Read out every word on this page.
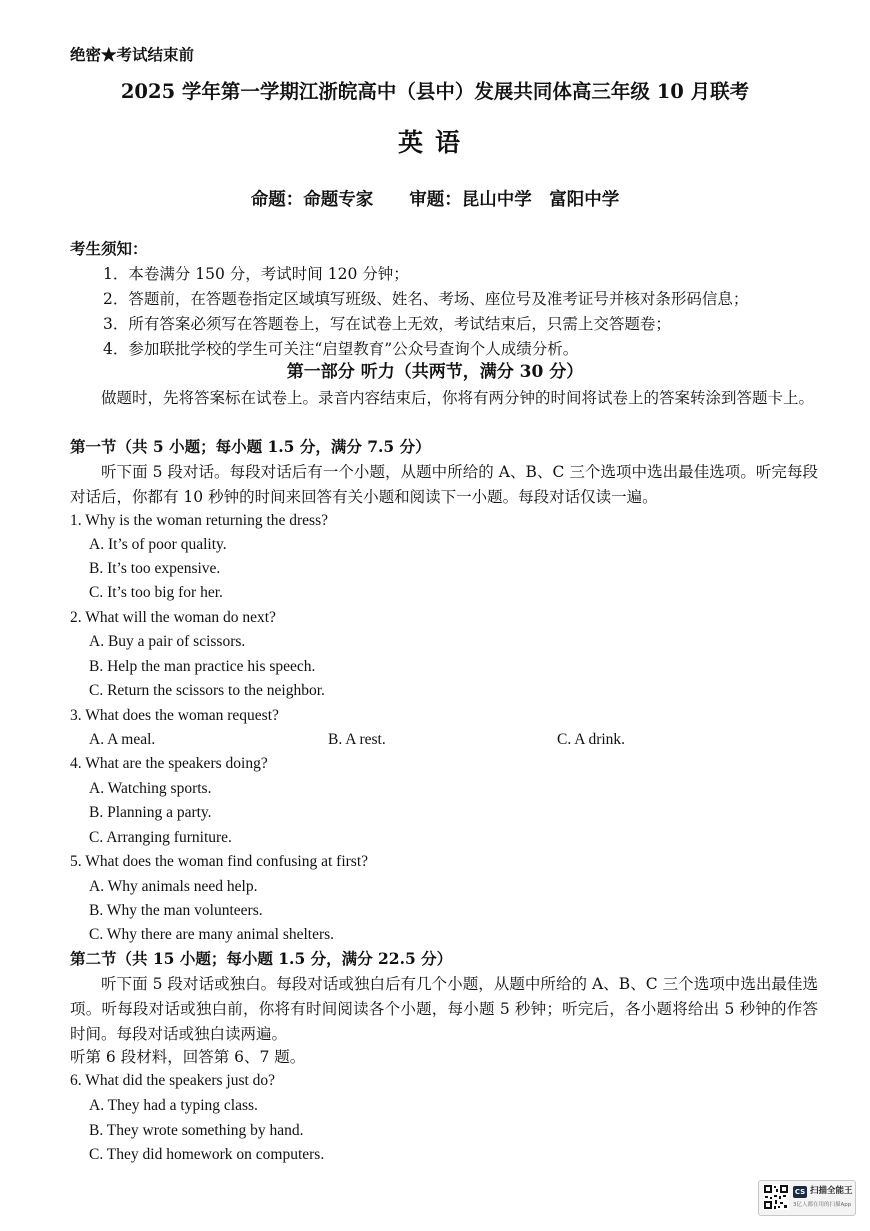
绝密★考试结束前
2025 学年第一学期江浙皖高中（县中）发展共同体高三年级 10 月联考
英语
命题：命题专家 审题：昆山中学　富阳中学
考生须知：
1．本卷满分 150 分，考试时间 120 分钟；
2．答题前，在答题卷指定区域填写班级、姓名、考场、座位号及准考证号并核对条形码信息；
3．所有答案必须写在答题卷上，写在试卷上无效，考试结束后，只需上交答题卷；
4．参加联批学校的学生可关注“启望教育”公众号查询个人成绩分析。
第一部分 听力（共两节，满分 30 分）
做题时，先将答案标在试卷上。录音内容结束后，你将有两分钟的时间将试卷上的答案转涂到答题卡上。
第一节（共 5 小题；每小题 1.5 分，满分 7.5 分）
听下面 5 段对话。每段对话后有一个小题，从题中所给的 A、B、C 三个选项中选出最佳选项。听完每段对话后，你都有 10 秒钟的时间来回答有关小题和阅读下一小题。每段对话仅读一遍。
1. Why is the woman returning the dress?
A. It’s of poor quality.
B. It’s too expensive.
C. It’s too big for her.
2. What will the woman do next?
A. Buy a pair of scissors.
B. Help the man practice his speech.
C. Return the scissors to the neighbor.
3. What does the woman request?
A. A meal.	B. A rest.	C. A drink.
4. What are the speakers doing?
A. Watching sports.
B. Planning a party.
C. Arranging furniture.
5. What does the woman find confusing at first?
A. Why animals need help.
B. Why the man volunteers.
C. Why there are many animal shelters.
第二节（共 15 小题；每小题 1.5 分，满分 22.5 分）
听下面 5 段对话或独白。每段对话或独白后有几个小题，从题中所给的 A、B、C 三个选项中选出最佳选项。听每段对话或独白前，你将有时间阅读各个小题，每小题 5 秒钟；听完后，各小题将给出 5 秒钟的作答时间。每段对话或独白读两遍。
听第 6 段材料，回答第 6、7 题。
6. What did the speakers just do?
A. They had a typing class.
B. They wrote something by hand.
C. They did homework on computers.
CS 扫描全能王
3亿人都在用的扫描App
